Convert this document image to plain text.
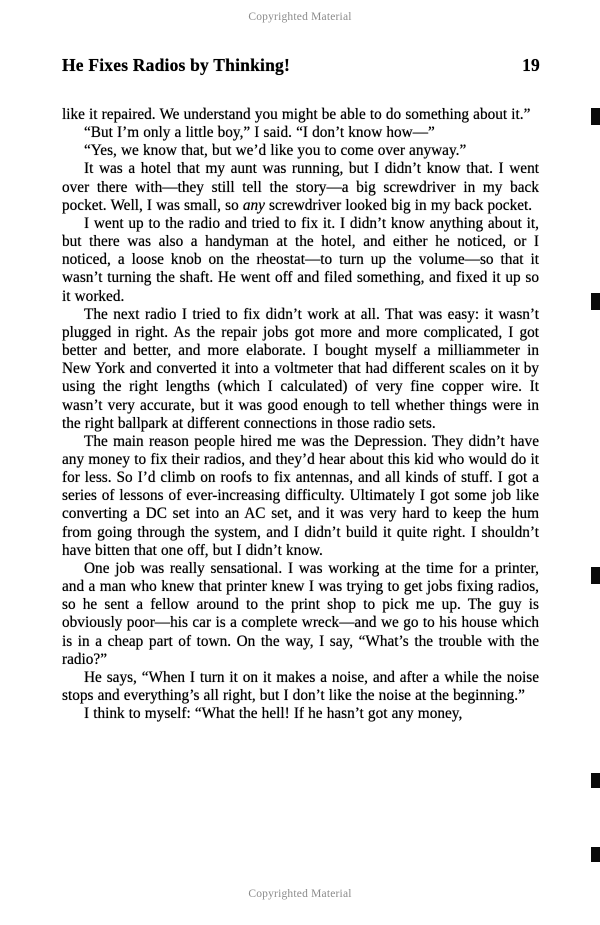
Copyrighted Material
He Fixes Radios by Thinking!	19

like it repaired. We understand you might be able to do something about it.”

“But I’m only a little boy,” I said. “I don’t know how—”

“Yes, we know that, but we’d like you to come over anyway.”

It was a hotel that my aunt was running, but I didn’t know that. I went over there with—they still tell the story—a big screwdriver in my back pocket. Well, I was small, so any screwdriver looked big in my back pocket.

I went up to the radio and tried to fix it. I didn’t know anything about it, but there was also a handyman at the hotel, and either he noticed, or I noticed, a loose knob on the rheostat—to turn up the volume—so that it wasn’t turning the shaft. He went off and filed something, and fixed it up so it worked.

The next radio I tried to fix didn’t work at all. That was easy: it wasn’t plugged in right. As the repair jobs got more and more complicated, I got better and better, and more elaborate. I bought myself a milliammeter in New York and converted it into a voltmeter that had different scales on it by using the right lengths (which I calculated) of very fine copper wire. It wasn’t very accurate, but it was good enough to tell whether things were in the right ballpark at different connections in those radio sets.

The main reason people hired me was the Depression. They didn’t have any money to fix their radios, and they’d hear about this kid who would do it for less. So I’d climb on roofs to fix antennas, and all kinds of stuff. I got a series of lessons of ever-increasing difficulty. Ultimately I got some job like converting a DC set into an AC set, and it was very hard to keep the hum from going through the system, and I didn’t build it quite right. I shouldn’t have bitten that one off, but I didn’t know.

One job was really sensational. I was working at the time for a printer, and a man who knew that printer knew I was trying to get jobs fixing radios, so he sent a fellow around to the print shop to pick me up. The guy is obviously poor—his car is a complete wreck—and we go to his house which is in a cheap part of town. On the way, I say, “What’s the trouble with the radio?”

He says, “When I turn it on it makes a noise, and after a while the noise stops and everything’s all right, but I don’t like the noise at the beginning.”

I think to myself: “What the hell! If he hasn’t got any money,

Copyrighted Material
